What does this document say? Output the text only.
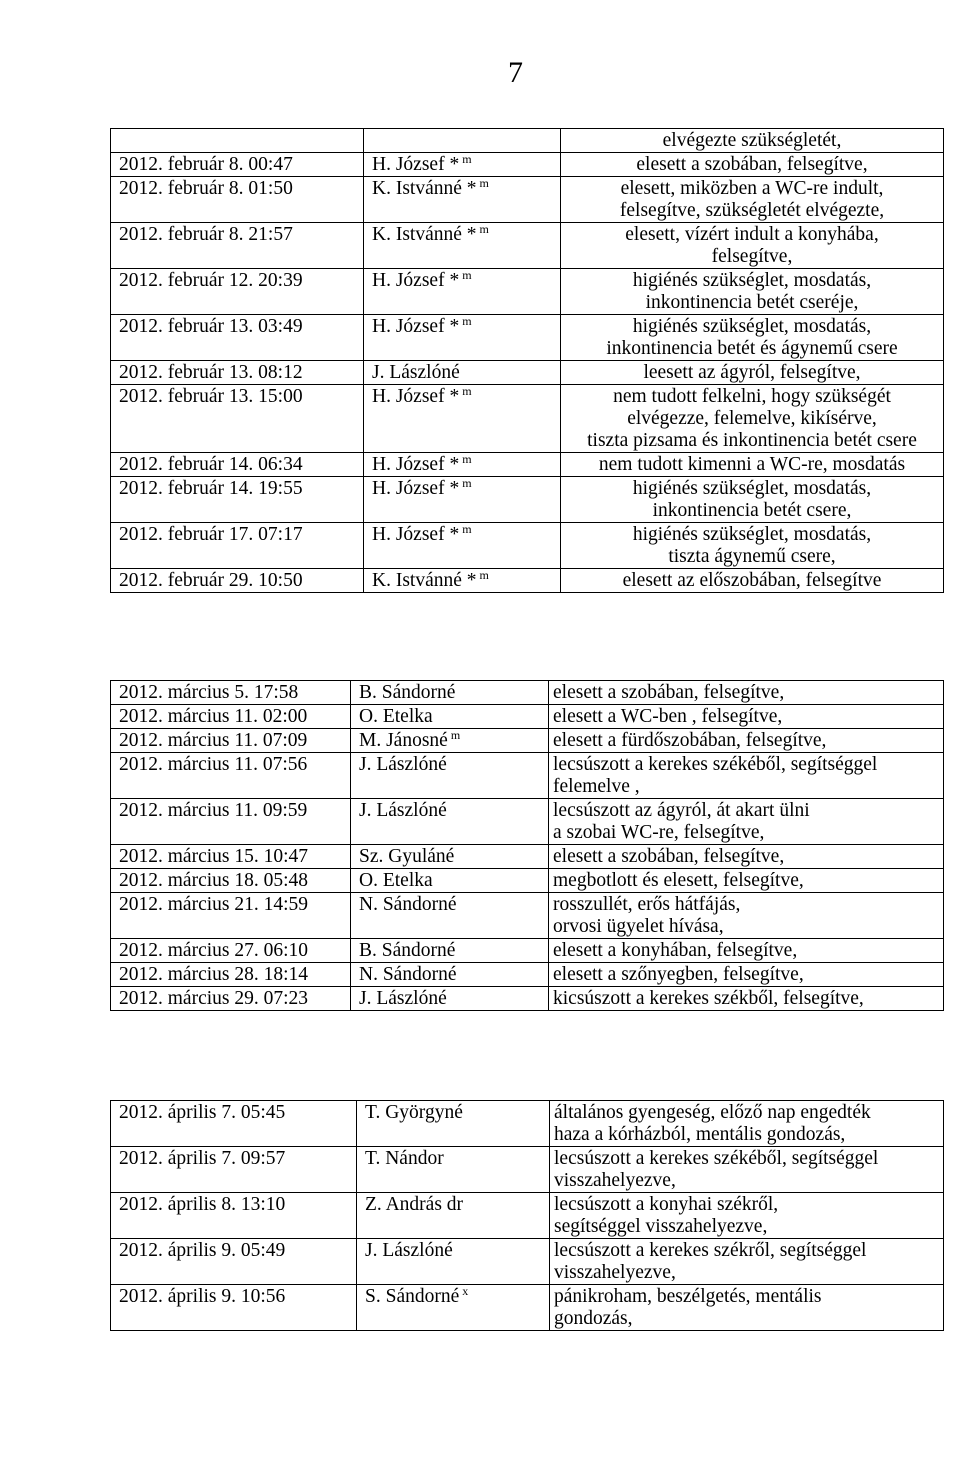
7

		elvégezte szükségletét,

2012. február 8. 00:47	H. József * $^m$	elesett a szobában, felsegítve,

2012. február 8. 01:50	K. Istvánné * $^m$	elesett, miközben a WC-re indult,
felsegítve, szükségletét elvégezte,

2012. február 8. 21:57	K. Istvánné * $^m$	elesett, vízért indult a konyhába,
felsegítve,

2012. február 12. 20:39	H. József * $^m$	higiénés szükséglet, mosdatás,
inkontinencia betét cseréje,

2012. február 13. 03:49	H. József * $^m$	higiénés szükséglet, mosdatás,
inkontinencia betét és ágynemű csere

2012. február 13. 08:12	J. Lászlóné	leesett az ágyról, felsegítve,

2012. február 13. 15:00	H. József * $^m$	nem tudott felkelni, hogy szükségét
elvégezze, felemelve, kikísérve,
tiszta pizsama és inkontinencia betét csere

2012. február 14. 06:34	H. József * $^m$	nem tudott kimenni a WC-re, mosdatás

2012. február 14. 19:55	H. József * $^m$	higiénés szükséglet, mosdatás,
inkontinencia betét csere,

2012. február 17. 07:17	H. József * $^m$	higiénés szükséglet, mosdatás,
tiszta ágynemű csere,

2012. február 29. 10:50	K. Istvánné * $^m$	elesett az előszobában, felsegítve
2012. március 5. 17:58	B. Sándorné	elesett a szobában, felsegítve,

2012. március 11. 02:00	O. Etelka	elesett a WC-ben , felsegítve,

2012. március 11. 07:09	M. Jánosné $^m$	elesett a fürdőszobában, felsegítve,

2012. március 11. 07:56	J. Lászlóné	lecsúszott a kerekes székéből, segítséggel
felemelve ,

2012. március 11. 09:59	J. Lászlóné	lecsúszott az ágyról, át akart ülni
a szobai WC-re, felsegítve,

2012. március 15. 10:47	Sz. Gyuláné	elesett a szobában, felsegítve,

2012. március 18. 05:48	O. Etelka	megbotlott és elesett, felsegítve,

2012. március 21. 14:59	N. Sándorné	rosszullét, erős hátfájás,
orvosi ügyelet hívása,

2012. március 27. 06:10	B. Sándorné	elesett a konyhában, felsegítve,

2012. március 28. 18:14	N. Sándorné	elesett a szőnyegben, felsegítve,

2012. március 29. 07:23	J. Lászlóné	kicsúszott a kerekes székből, felsegítve,
2012. április 7. 05:45	T. Györgyné	általános gyengeség, előző nap engedték
haza a kórházból, mentális gondozás,

2012. április 7. 09:57	T. Nándor	lecsúszott a kerekes székéből, segítséggel
visszahelyezve,

2012. április 8. 13:10	Z. András dr	lecsúszott a konyhai székről,
segítséggel visszahelyezve,

2012. április 9. 05:49	J. Lászlóné	lecsúszott a kerekes székről, segítséggel
visszahelyezve,

2012. április 9. 10:56	S. Sándorné $^x$	pánikroham, beszélgetés, mentális
gondozás,
